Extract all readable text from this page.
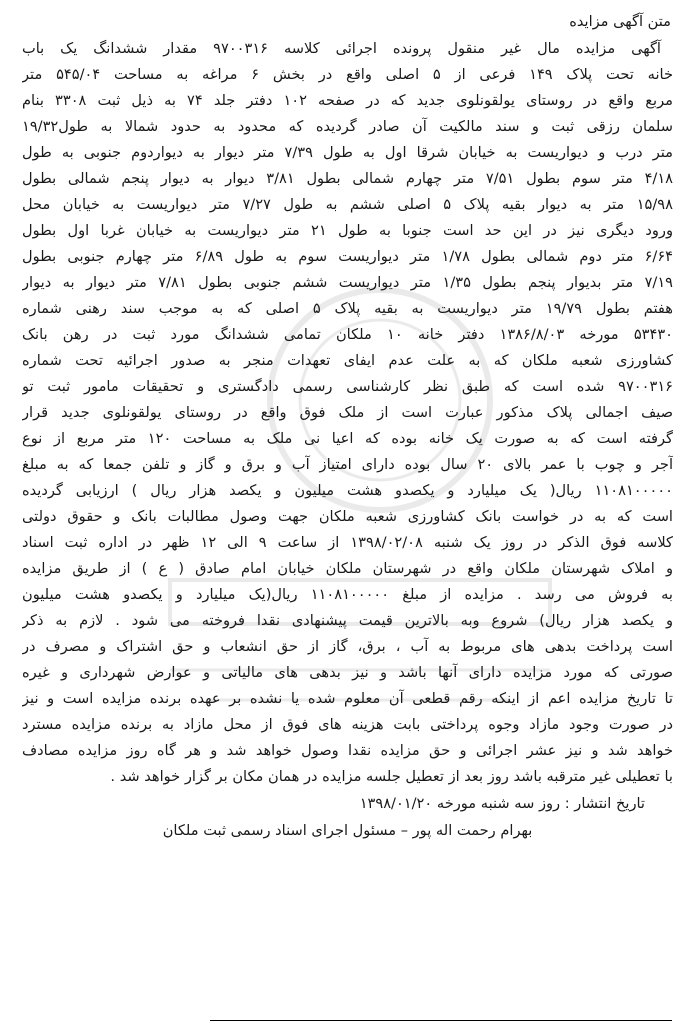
متن آگهی مزایده
آگهی مزایده مال غیر منقول پرونده اجرائی کلاسه ۹۷۰۰۳۱۶ مقدار ششدانگ یک باب
خانه تحت پلاک ۱۴۹ فرعی از ۵ اصلی واقع در بخش ۶ مراغه به مساحت ۵۴۵/۰۴ متر
مربع واقع در روستای یولقونلوی جدید که در صفحه ۱۰۲ دفتر جلد ۷۴ به ذیل ثبت ۳۳۰۸ بنام
سلمان رزقی ثبت و سند مالکیت آن صادر گردیده که محدود به حدود شمالا به طول۱۹/۳۲
متر درب و دیواریست به خیابان شرقا اول به طول ۷/۳۹ متر دیوار به دیواردوم جنوبی به طول
۴/۱۸ متر سوم بطول ۷/۵۱ متر چهارم شمالی بطول ۳/۸۱ دیوار به دیوار پنجم شمالی بطول
۱۵/۹۸ متر به دیوار بقیه پلاک ۵ اصلی ششم به طول ۷/۲۷ متر دیواریست به خیابان محل
ورود دیگری نیز در این حد است جنوبا به طول ۲۱ متر دیواریست به خیابان غربا اول بطول
۶/۶۴ متر دوم شمالی بطول ۱/۷۸ متر دیواریست سوم به طول ۶/۸۹ متر چهارم جنوبی بطول
۷/۱۹ متر بدیوار پنجم بطول ۱/۳۵ متر دیواریست ششم جنوبی بطول ۷/۸۱ متر دیوار به دیوار
هفتم بطول ۱۹/۷۹ متر دیواریست به بقیه پلاک ۵ اصلی که به موجب سند رهنی شماره
۵۳۴۳۰ مورخه ۱۳۸۶/۸/۰۳ دفتر خانه ۱۰ ملکان تمامی ششدانگ مورد ثبت در رهن بانک
کشاورزی شعبه ملکان که به علت عدم ایفای تعهدات منجر به صدور اجرائیه تحت شماره
۹۷۰۰۳۱۶ شده است که طبق نظر کارشناسی رسمی دادگستری و تحقیقات مامور ثبت تو
صیف اجمالی پلاک مذکور عبارت است از ملک فوق واقع در روستای یولقونلوی جدید قرار
گرفته است که به صورت یک خانه بوده که اعیا نی ملک به مساحت ۱۲۰ متر مربع از نوع
آجر و چوب با عمر بالای ۲۰ سال بوده دارای امتیاز آب و برق و گاز و تلفن جمعا که به مبلغ
۱۱۰۸۱۰۰۰۰۰ ریال( یک میلیارد و یکصدو هشت میلیون و یکصد هزار ریال ) ارزیابی گردیده
است که به در خواست بانک کشاورزی شعبه ملکان جهت وصول مطالبات بانک و حقوق دولتی
کلاسه فوق الذکر در روز یک شنبه ۱۳۹۸/۰۲/۰۸ از ساعت ۹ الی ۱۲ ظهر در اداره ثبت اسناد
و املاک شهرستان ملکان واقع در شهرستان ملکان خیابان امام صادق ( ع ) از طریق مزایده
به فروش می رسد . مزایده از مبلغ ۱۱۰۸۱۰۰۰۰۰ ریال(یک میلیارد و یکصدو هشت میلیون
و یکصد هزار ریال) شروع وبه بالاترین قیمت پیشنهادی نقدا فروخته می شود . لازم به ذکر
است پرداخت بدهی های مربوط به آب ، برق، گاز از حق انشعاب و حق اشتراک و مصرف در
صورتی که مورد مزایده دارای آنها باشد و نیز بدهی های مالیاتی و عوارض شهرداری و غیره
تا تاریخ مزایده اعم از اینکه رقم قطعی آن معلوم شده یا نشده بر عهده برنده مزایده است و نیز
در صورت وجود مازاد وجوه پرداختی بابت هزینه های فوق از محل مازاد به برنده مزایده مسترد
خواهد شد و نیز عشر اجرائی و حق مزایده نقدا وصول خواهد شد و هر گاه روز مزایده مصادف
با تعطیلی غیر مترقبه باشد روز بعد از تعطیل جلسه مزایده در همان مکان بر گزار خواهد شد .
تاریخ انتشار : روز سه شنبه مورخه ۱۳۹۸/۰۱/۲۰
بهرام رحمت اله پور – مسئول اجرای اسناد رسمی ثبت ملکان
